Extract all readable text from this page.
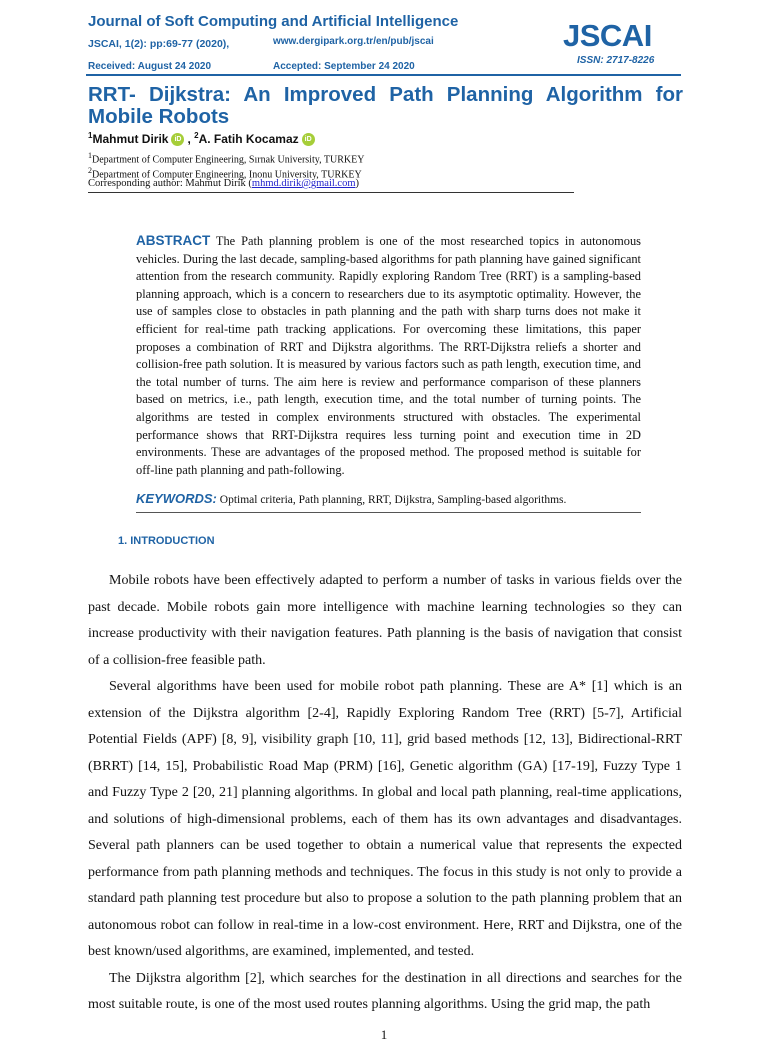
Journal of Soft Computing and Artificial Intelligence
JSCAI, 1(2): pp:69-77 (2020),	www.dergipark.org.tr/en/pub/jscai
Received: August 24 2020	Accepted: September 24 2020
JSCAI
ISSN: 2717-8226
RRT- Dijkstra: An Improved Path Planning Algorithm for Mobile Robots
$^1$Mahmut Dirik iD , $^2$A. Fatih Kocamaz iD
$^1$Department of Computer Engineering, Sırnak University, TURKEY
$^2$Department of Computer Engineering, Inonu University, TURKEY
Corresponding author: Mahmut Dirik (mhmd.dirik@gmail.com)
ABSTRACT The Path planning problem is one of the most researched topics in autonomous vehicles. During the last decade, sampling-based algorithms for path planning have gained significant attention from the research community. Rapidly exploring Random Tree (RRT) is a sampling-based planning approach, which is a concern to researchers due to its asymptotic optimality. However, the use of samples close to obstacles in path planning and the path with sharp turns does not make it efficient for real-time path tracking applications. For overcoming these limitations, this paper proposes a combination of RRT and Dijkstra algorithms. The RRT-Dijkstra reliefs a shorter and collision-free path solution. It is measured by various factors such as path length, execution time, and the total number of turns. The aim here is review and performance comparison of these planners based on metrics, i.e., path length, execution time, and the total number of turning points. The algorithms are tested in complex environments structured with obstacles. The experimental performance shows that RRT-Dijkstra requires less turning point and execution time in 2D environments. These are advantages of the proposed method. The proposed method is suitable for off-line path planning and path-following.
KEYWORDS: Optimal criteria, Path planning, RRT, Dijkstra, Sampling-based algorithms.
1. INTRODUCTION

Mobile robots have been effectively adapted to perform a number of tasks in various fields over the past decade. Mobile robots gain more intelligence with machine learning technologies so they can increase productivity with their navigation features. Path planning is the basis of navigation that consist of a collision-free feasible path.

Several algorithms have been used for mobile robot path planning. These are A* [1] which is an extension of the Dijkstra algorithm [2-4], Rapidly Exploring Random Tree (RRT) [5-7], Artificial Potential Fields (APF) [8, 9], visibility graph [10, 11], grid based methods [12, 13], Bidirectional-RRT (BRRT) [14, 15], Probabilistic Road Map (PRM) [16], Genetic algorithm (GA) [17-19], Fuzzy Type 1 and Fuzzy Type 2 [20, 21] planning algorithms. In global and local path planning, real-time applications, and solutions of high-dimensional problems, each of them has its own advantages and disadvantages. Several path planners can be used together to obtain a numerical value that represents the expected performance from path planning methods and techniques. The focus in this study is not only to provide a standard path planning test procedure but also to propose a solution to the path planning problem that an autonomous robot can follow in real-time in a low-cost environment. Here, RRT and Dijkstra, one of the best known/used algorithms, are examined, implemented, and tested.

The Dijkstra algorithm [2], which searches for the destination in all directions and searches for the most suitable route, is one of the most used routes planning algorithms. Using the grid map, the path

1
